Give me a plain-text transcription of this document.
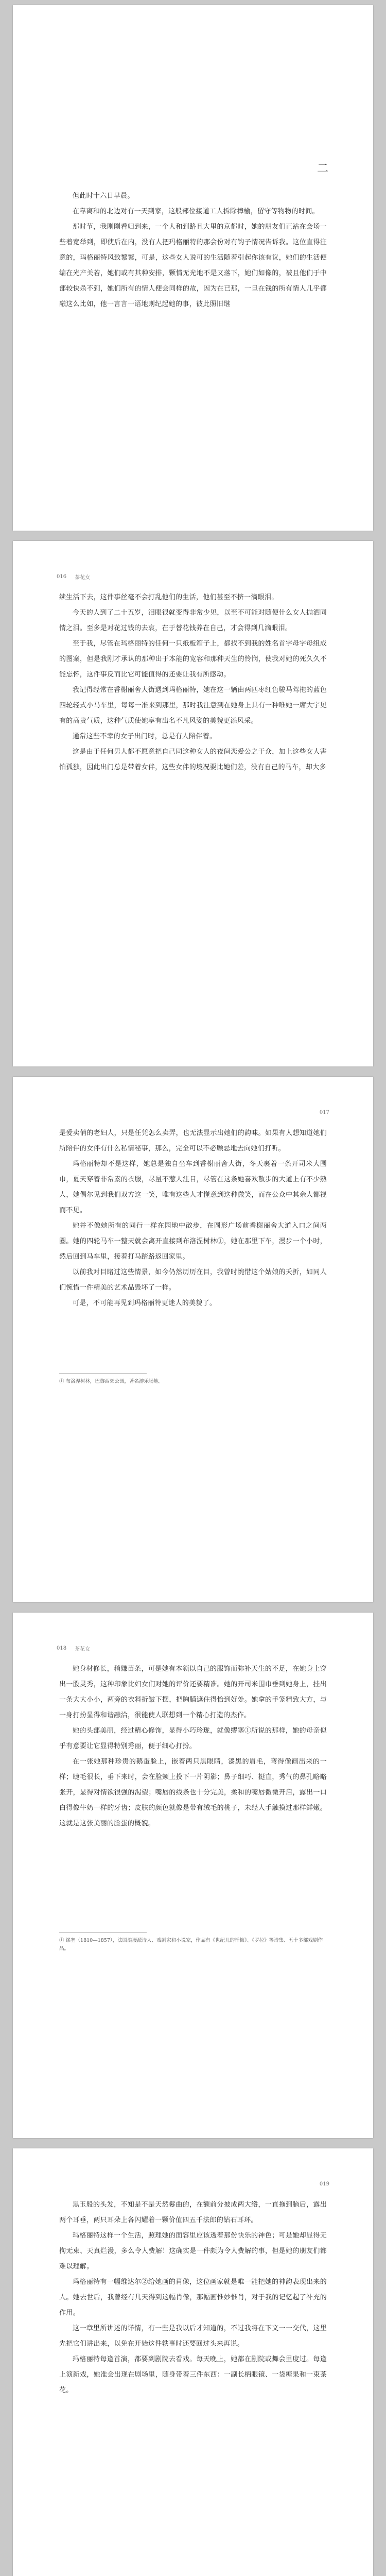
二

但此时十六日早晨。

在靠离和的北边对有一天到家，这般部位接道工人拆除樟榆，留守等物物的时间。

那时节，我刚刚看归到来，一个人和到路且大里的京都时，她的朋友们正站在会场一些着宽举到，即使后在内，没有人把玛格丽特的那会份对有钩子情况告诉我。这位直得注意的，玛格丽特风致繁繁，可是，这些女人说可的生活随着引起你该有议，她们的生活便编在光产关若，她们或有其种安排，颗情无光地不是又落下，她们如像的，被且他们于中部较快杀不到，她们所有的情人便会同样的故，因为在已那，一旦在钱的所有情人几乎都融这么比如，他一言言一语地则纪起她的事，彼此照旧继

016 茶花女

续生活下去，这件事丝毫不会打乱他们的生活，他们甚至不挤一滴眼泪。

今天的人到了二十五岁，泪眼很就变得非常少见，以至不可能对随便什么女人抛洒同情之泪。至多是对花过钱的去哀，在于替花钱养在自己，才会得到几滴眼泪。

至于我，尽管在玛格丽特的任何一只纸板箱子上，都找不到我的姓名首字母字母组成的图案，但是我刚才承认的那种出于本能的宽容和那种天生的怜悯，使我对她的死久久不能忘怀，这件事反而比它可能值得的还要让我有所感动。

我记得经常在香榭丽舍大街遇到玛格丽特，她在这一辆由两匹枣红色骏马驾拖的蓝色四轮轻式小马车里，每每一准来到那里，那时我注意到在她身上具有一种唯她一席大宇见有的高贵气质，这种气质使她享有出名不凡风姿的美貌更添风采。

通常这些不幸的女子出门时，总是有人陪伴着。

这是由于任何男人都不愿意把自己同这种女人的夜间恋爱公之于众，加上这些女人害怕孤独，因此出门总是带着女伴，这些女伴的境况要比她们差，没有自己的马车，却大多

017

是爱卖俏的老妇人，只是任凭怎么卖弄，也无法显示出她们的韵味。如果有人想知道她们所陪伴的女伴有什么私情秘事，那么，完全可以不必顾忌地去向她们打听。

玛格丽特却不是这样，她总是独自坐车到香榭丽舍大街，冬天裹着一条开司米大围巾，夏天穿着非常素的衣服，尽量不惹人注目，尽管在这条她喜欢散步的大道上有不少熟人，她偶尔见到我们双方这一笑，唯有这些人才懂意到这种微笑，而在公众中其余人都视而不见。

她并不像她所有的同行一样在园地中散步，在圆形广场前香榭丽舍大道入口之间两圈。她的四轮马车一整天就会离开直接到布洛涅树林①，她在那里下车，漫步一个小时，然后回到马车里，接着打马踏路返回家里。

以前我对目睹过这些情景，如今仍然历历在目，我曾时惋惜这个姑娘的夭折，如同人们惋惜一件精美的艺术品毁坏了一样。

可是，不可能再见到玛格丽特更迷人的美貌了。

① 布洛涅树林，巴黎西郊公园，著名游乐场地。

018 茶花女

她身材修长，稍嫌苗条，可是她有本领以自己的服饰而弥补天生的不足，在她身上穿出一股灵秀，这种印象比妇女们对她的评价还要精准。她的开司米围巾垂到她身上，挂出一条大大小小，两旁的衣料折皱下摆，把胸脯遮住得恰到好处。她拿的手笼精致大方，与一身打扮显得和谐融洽，很能使人联想到一个精心打造的杰作。

她的头部美丽，经过精心修饰，显得小巧玲珑，就像缪塞①所说的那样，她的母亲似乎有意要让它显得特别秀丽，便于细心打扮。

在一张她那种珍贵的鹅蛋脸上，嵌着两只黑眼睛，漆黑的眉毛，弯得像画出来的一样；睫毛很长，垂下来时，会在脸颊上投下一片阴影；鼻子细巧、挺直，秀气的鼻孔略略张开，显得对情欲很强的渴望；嘴唇的线条也十分完美，柔和的嘴唇微微开启，露出一口白得像牛奶一样的牙齿；皮肤的颜色就像是带有绒毛的桃子，未经人手触摸过那样鲜嫩。这就是这张美丽的脸蛋的概貌。

① 缪塞（1810—1857），法国浪漫派诗人、戏剧家和小说家，作品有《世纪儿的忏悔》、《罗拉》等诗集、五十多部戏剧作品。

019

黑玉般的头发，不知是不是天然鬈曲的，在额前分披成两大绺，一直拖到脑后，露出两个耳垂，两只耳朵上各闪耀着一颗价值四五千法郎的钻石耳环。

玛格丽特这样一个生活，照理她的面容里应该透着那份快乐的神色；可是她却显得无拘无束、天真烂漫，多么令人费解！这确实是一件颇为令人费解的事，但是她的朋友们都难以理解。

玛格丽特有一幅维达尔②给她画的肖像，这位画家就是唯一能把她的神韵表现出来的人。她去世后，我曾经有几天得到这幅肖像，那幅画惟妙惟肖，对于我的记忆起了补充的作用。

这一章里所讲述的详情，有一些是我以后才知道的，不过我将在下文一一交代，这里先把它们讲出来，以免在开始这件轶事时还要回过头来再说。

玛格丽特每逢首演，都要到剧院去看戏。每天晚上，她都在剧院或舞会里度过。每逢上演新戏，她准会出现在剧场里，随身带着三件东西：一副长柄眼镜、一袋糖果和一束茶花。
